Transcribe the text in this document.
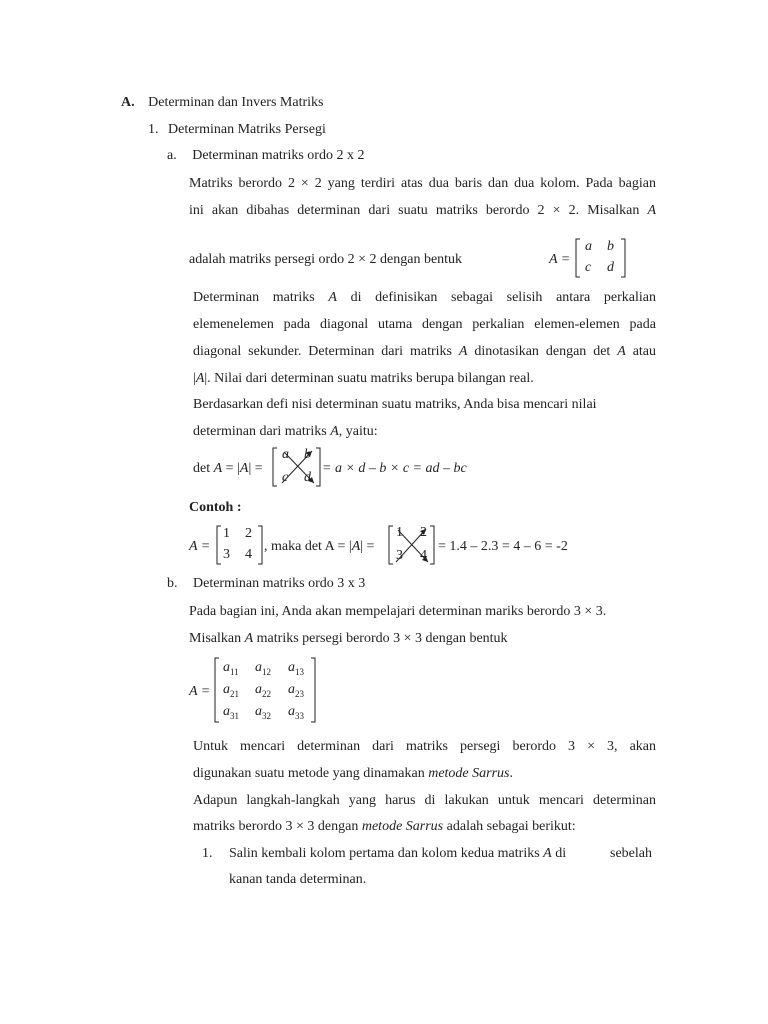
A. Determinan dan Invers Matriks
1. Determinan Matriks Persegi
a. Determinan matriks ordo 2 x 2
Matriks berordo 2 × 2 yang terdiri atas dua baris dan dua kolom. Pada bagian
ini akan dibahas determinan dari suatu matriks berordo 2 × 2. Misalkan A
adalah matriks persegi ordo 2 × 2 dengan bentuk	A =
a b
c d
Determinan matriks A di definisikan sebagai selisih antara perkalian
elemenelemen pada diagonal utama dengan perkalian elemen-elemen pada
diagonal sekunder. Determinan dari matriks A dinotasikan dengan det A atau
|A|. Nilai dari determinan suatu matriks berupa bilangan real.
Berdasarkan defi nisi determinan suatu matriks, Anda bisa mencari nilai
determinan dari matriks A, yaitu:
det A = |A| =
a b
c d
= a × d – b × c = ad – bc
Contoh :
A =
1 2
3 4
, maka det A = |A| =
1 2
3 4
= 1.4 – 2.3 = 4 – 6 = -2
b. Determinan matriks ordo 3 x 3
Pada bagian ini, Anda akan mempelajari determinan mariks berordo 3 × 3.
Misalkan A matriks persegi berordo 3 × 3 dengan bentuk
A =
$a_{11}$ $a_{12}$ $a_{13}$
$a_{21}$ $a_{22}$ $a_{23}$
$a_{31}$ $a_{32}$ $a_{33}$
Untuk mencari determinan dari matriks persegi berordo 3 × 3, akan
digunakan suatu metode yang dinamakan metode Sarrus.
Adapun langkah-langkah yang harus di lakukan untuk mencari determinan
matriks berordo 3 × 3 dengan metode Sarrus adalah sebagai berikut:
1. Salin kembali kolom pertama dan kolom kedua matriks A di	sebelah
kanan tanda determinan.
